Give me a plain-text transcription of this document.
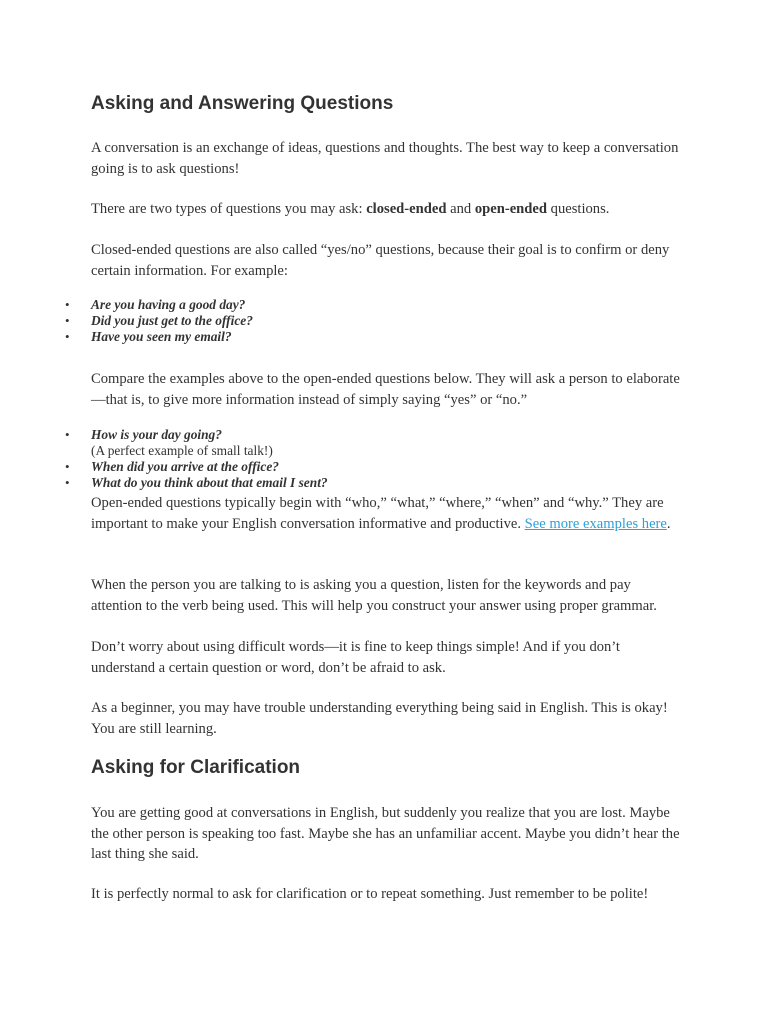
Asking and Answering Questions

A conversation is an exchange of ideas, questions and thoughts. The best way to keep a conversation going is to ask questions!

There are two types of questions you may ask: closed-ended and open-ended questions.

Closed-ended questions are also called “yes/no” questions, because their goal is to confirm or deny certain information. For example:

• Are you having a good day?
• Did you just get to the office?
• Have you seen my email?

Compare the examples above to the open-ended questions below. They will ask a person to elaborate—that is, to give more information instead of simply saying “yes” or “no.”

• How is your day going?
(A perfect example of small talk!)
• When did you arrive at the office?
• What do you think about that email I sent?

Open-ended questions typically begin with “who,” “what,” “where,” “when” and “why.” They are important to make your English conversation informative and productive. See more examples here.

When the person you are talking to is asking you a question, listen for the keywords and pay attention to the verb being used. This will help you construct your answer using proper grammar.

Don’t worry about using difficult words—it is fine to keep things simple! And if you don’t understand a certain question or word, don’t be afraid to ask.

As a beginner, you may have trouble understanding everything being said in English. This is okay! You are still learning.

Asking for Clarification

You are getting good at conversations in English, but suddenly you realize that you are lost. Maybe the other person is speaking too fast. Maybe she has an unfamiliar accent. Maybe you didn’t hear the last thing she said.

It is perfectly normal to ask for clarification or to repeat something. Just remember to be polite!
